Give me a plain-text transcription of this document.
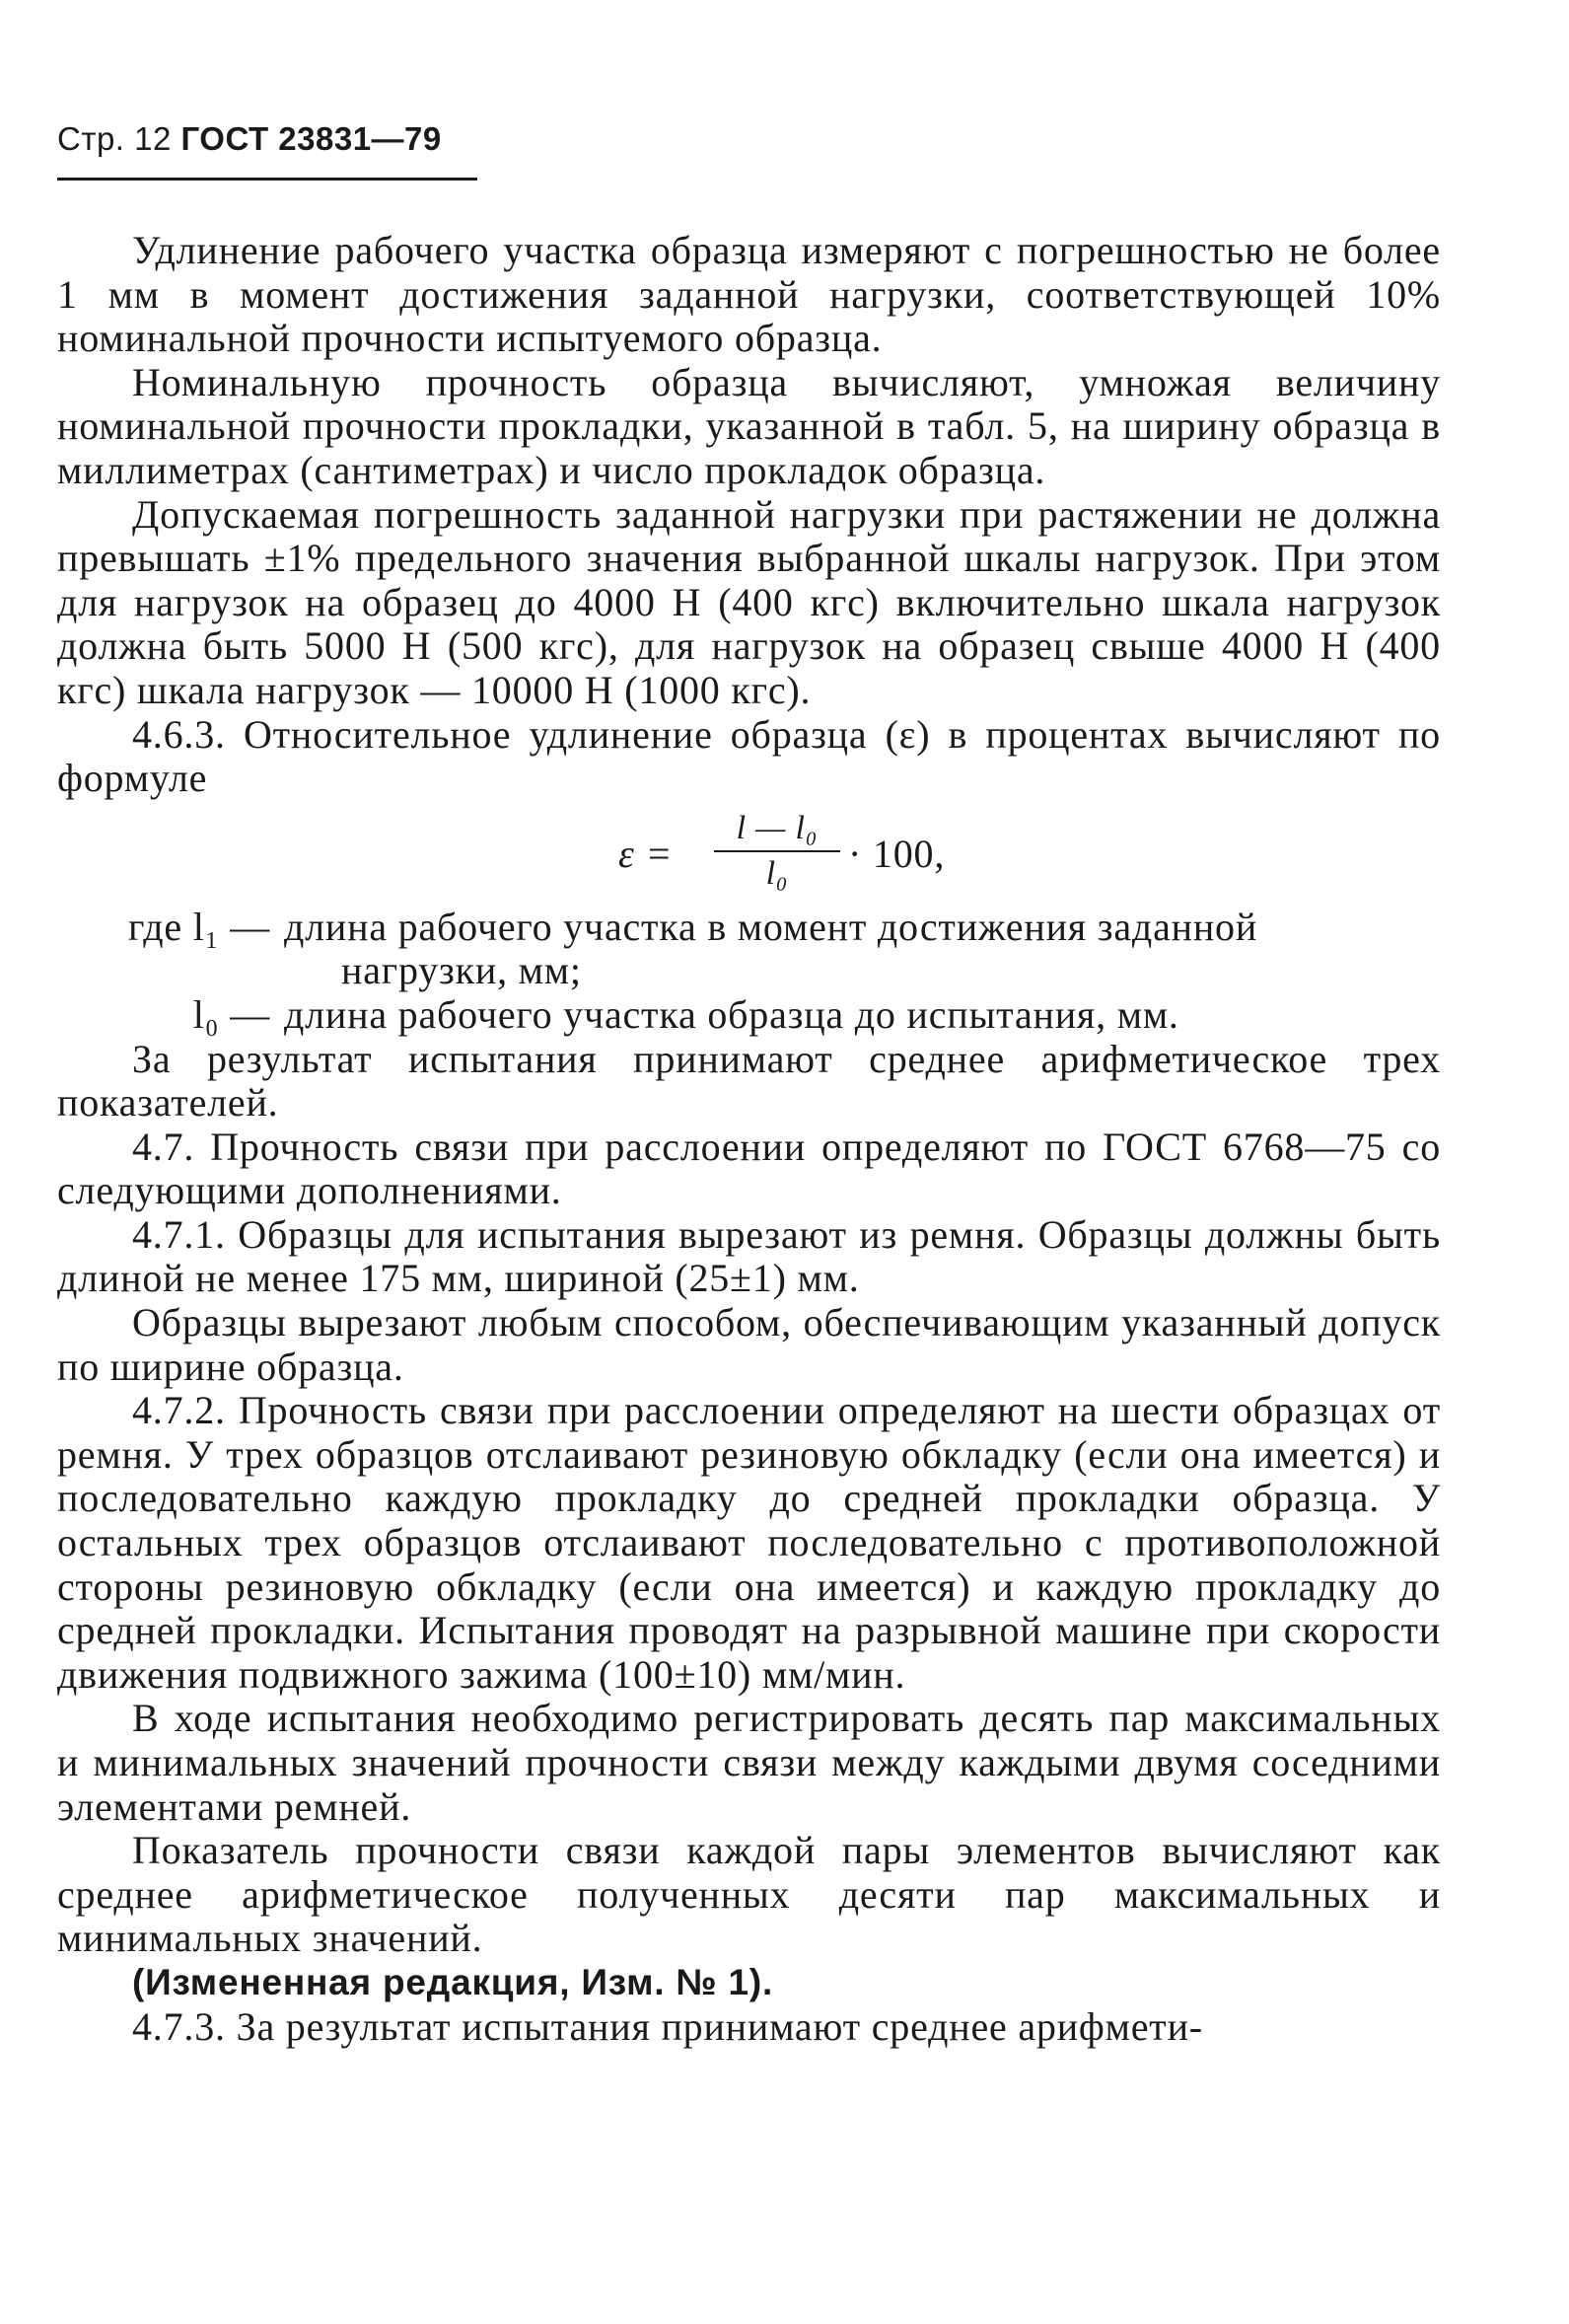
Стр. 12 ГОСТ 23831—79

Удлинение рабочего участка образца измеряют с погрешностью не более 1 мм в момент достижения заданной нагрузки, соответствующей 10% номинальной прочности испытуемого образца.

Номинальную прочность образца вычисляют, умножая величину номинальной прочности прокладки, указанной в табл. 5, на ширину образца в миллиметрах (сантиметрах) и число прокладок образца.

Допускаемая погрешность заданной нагрузки при растяжении не должна превышать ±1% предельного значения выбранной шкалы нагрузок. При этом для нагрузок на образец до 4000 Н (400 кгс) включительно шкала нагрузок должна быть 5000 Н (500 кгс), для нагрузок на образец свыше 4000 Н (400 кгс) шкала нагрузок — 10000 Н (1000 кгс).

4.6.3. Относительное удлинение образца (ε) в процентах вычисляют по формуле

ε =
l — l₀
l₀	· 100,
где l₁ — длина рабочего участка в момент достижения заданной
нагрузки, мм;
l₀ — длина рабочего участка образца до испытания, мм.

За результат испытания принимают среднее арифметическое трех показателей.

4.7. Прочность связи при расслоении определяют по ГОСТ 6768—75 со следующими дополнениями.

4.7.1. Образцы для испытания вырезают из ремня. Образцы должны быть длиной не менее 175 мм, шириной (25±1) мм.

Образцы вырезают любым способом, обеспечивающим указанный допуск по ширине образца.

4.7.2. Прочность связи при расслоении определяют на шести образцах от ремня. У трех образцов отслаивают резиновую обкладку (если она имеется) и последовательно каждую прокладку до средней прокладки образца. У остальных трех образцов отслаивают последовательно с противоположной стороны резиновую обкладку (если она имеется) и каждую прокладку до средней прокладки. Испытания проводят на разрывной машине при скорости движения подвижного зажима (100±10) мм/мин.

В ходе испытания необходимо регистрировать десять пар максимальных и минимальных значений прочности связи между каждыми двумя соседними элементами ремней.

Показатель прочности связи каждой пары элементов вычисляют как среднее арифметическое полученных десяти пар максимальных и минимальных значений.

(Измененная редакция, Изм. № 1).

4.7.3. За результат испытания принимают среднее арифмети-
